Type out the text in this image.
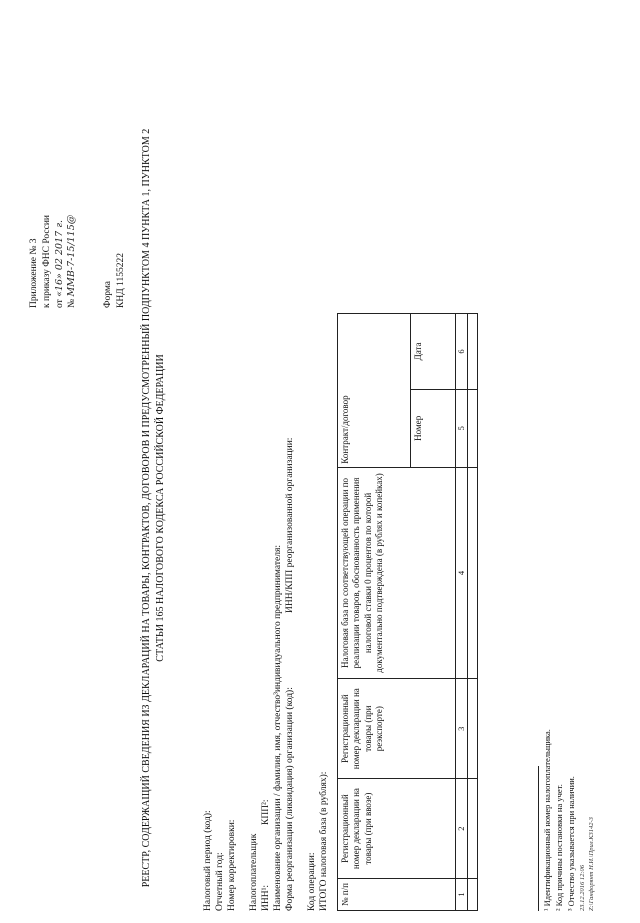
Приложение № 3 к приказу ФНС России от «16» 02 2017 г.
№ ММВ-7-15/115@	Форма КНД 1155222 РЕЕСТР, СОДЕРЖАЩИЙ СВЕДЕНИЯ ИЗ ДЕКЛАРАЦИЙ НА ТОВАРЫ, КОНТРАКТОВ, ДОГОВОРОВ И ПРЕДУСМОТРЕННЫЙ ПОДПУНКТОМ 4 ПУНКТА 1, ПУНКТОМ 2 СТАТЬИ 165 НАЛОГОВОГО КОДЕКСА РОССИЙСКОЙ ФЕДЕРАЦИИ
Налоговый период (код): Отчетный год: Номер корректировки: Налогоплательщик ИНН¹:
КПП²: Наименование организации / фамилия, имя, отчество³индивидуального предпринимателя: Форма реорганизации (ликвидация) организации (код):
ИНН/КПП реорганизованной организации:
Код операции: ИТОГО налоговая база (в рублях): № п/п	Регистрационный номер декларации на товары (при ввозе)	Регистрационный номер декларации на товары (при реэкспорте)	Налоговая база по соответствующей операции по реализации товаров, обоснованность применения налоговой ставки 0 процентов по которой документально подтверждена (в рублях и копейках)	Контракт/договор	
				Номер	Дата
1	2	3	4	5	6

¹ Идентификационный номер налогоплательщика. ² Код причины постановки на учет. ³ Отчество указывается при наличии. 23.12.2016 12:06 Z:\Ганфорянт Н.И.\Прил.К3142-3
